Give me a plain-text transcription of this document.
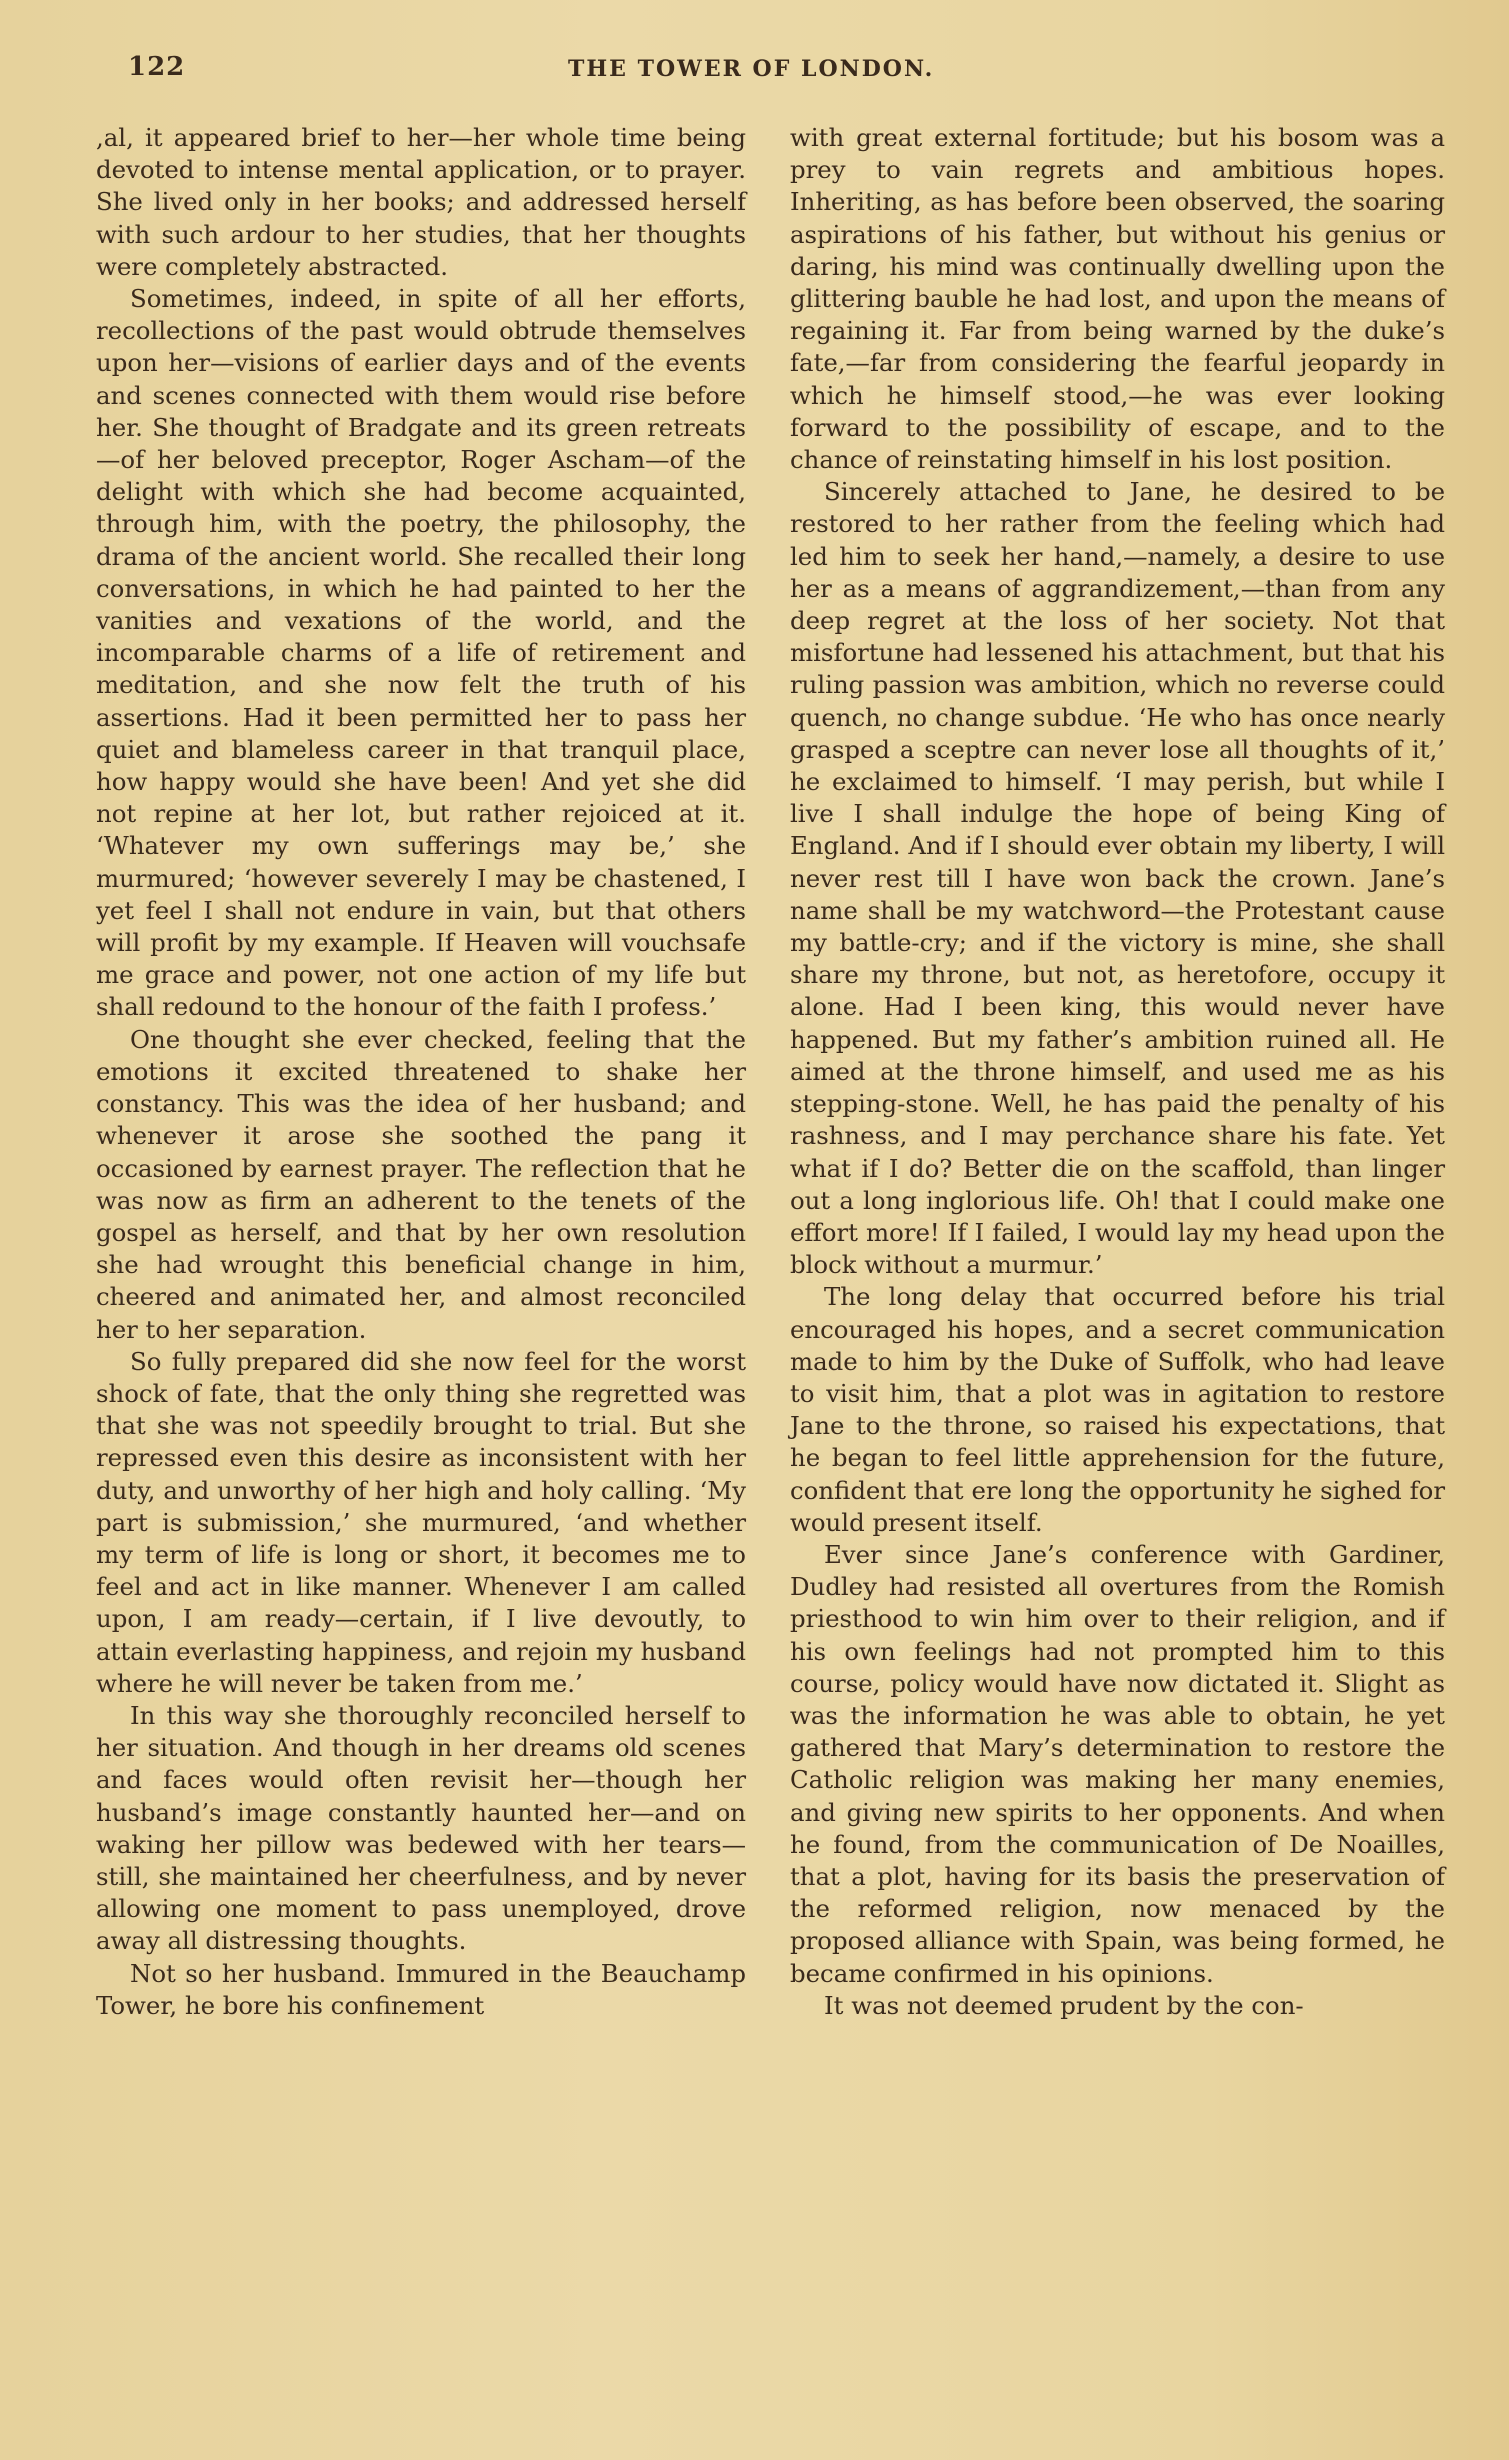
122	THE TOWER OF LONDON.

,al, it appeared brief to her—her whole time being devoted to intense mental application, or to prayer. She lived only in her books; and addressed herself with such ardour to her studies, that her thoughts were completely abstracted.

Sometimes, indeed, in spite of all her efforts, recollections of the past would obtrude themselves upon her—visions of earlier days and of the events and scenes connected with them would rise before her. She thought of Bradgate and its green retreats—of her beloved preceptor, Roger Ascham—of the delight with which she had become acquainted, through him, with the poetry, the philosophy, the drama of the ancient world. She recalled their long conversations, in which he had painted to her the vanities and vexations of the world, and the incomparable charms of a life of retirement and meditation, and she now felt the truth of his assertions. Had it been permitted her to pass her quiet and blameless career in that tranquil place, how happy would she have been! And yet she did not repine at her lot, but rather rejoiced at it. ‘Whatever my own sufferings may be,’ she murmured; ‘however severely I may be chastened, I yet feel I shall not endure in vain, but that others will profit by my example. If Heaven will vouchsafe me grace and power, not one action of my life but shall redound to the honour of the faith I profess.’

One thought she ever checked, feeling that the emotions it excited threatened to shake her constancy. This was the idea of her husband; and whenever it arose she soothed the pang it occasioned by earnest prayer. The reflection that he was now as firm an adherent to the tenets of the gospel as herself, and that by her own resolution she had wrought this beneficial change in him, cheered and animated her, and almost reconciled her to her separation.

So fully prepared did she now feel for the worst shock of fate, that the only thing she regretted was that she was not speedily brought to trial. But she repressed even this desire as inconsistent with her duty, and unworthy of her high and holy calling. ‘My part is submission,’ she murmured, ‘and whether my term of life is long or short, it becomes me to feel and act in like manner. Whenever I am called upon, I am ready—certain, if I live devoutly, to attain everlasting happiness, and rejoin my husband where he will never be taken from me.’

In this way she thoroughly reconciled herself to her situation. And though in her dreams old scenes and faces would often revisit her—though her husband’s image constantly haunted her—and on waking her pillow was bedewed with her tears—still, she maintained her cheerfulness, and by never allowing one moment to pass unemployed, drove away all distressing thoughts.

Not so her husband. Immured in the Beauchamp Tower, he bore his confinement

with great external fortitude; but his bosom was a prey to vain regrets and ambitious hopes. Inheriting, as has before been observed, the soaring aspirations of his father, but without his genius or daring, his mind was continually dwelling upon the glittering bauble he had lost, and upon the means of regaining it. Far from being warned by the duke’s fate,—far from considering the fearful jeopardy in which he himself stood,—he was ever looking forward to the possibility of escape, and to the chance of reinstating himself in his lost position.

Sincerely attached to Jane, he desired to be restored to her rather from the feeling which had led him to seek her hand,—namely, a desire to use her as a means of aggrandizement,—than from any deep regret at the loss of her society. Not that misfortune had lessened his attachment, but that his ruling passion was ambition, which no reverse could quench, no change subdue. ‘He who has once nearly grasped a sceptre can never lose all thoughts of it,’ he exclaimed to himself. ‘I may perish, but while I live I shall indulge the hope of being King of England. And if I should ever obtain my liberty, I will never rest till I have won back the crown. Jane’s name shall be my watchword—the Protestant cause my battle-cry; and if the victory is mine, she shall share my throne, but not, as heretofore, occupy it alone. Had I been king, this would never have happened. But my father’s ambition ruined all. He aimed at the throne himself, and used me as his stepping-stone. Well, he has paid the penalty of his rashness, and I may perchance share his fate. Yet what if I do? Better die on the scaffold, than linger out a long inglorious life. Oh! that I could make one effort more! If I failed, I would lay my head upon the block without a murmur.’

The long delay that occurred before his trial encouraged his hopes, and a secret communication made to him by the Duke of Suffolk, who had leave to visit him, that a plot was in agitation to restore Jane to the throne, so raised his expectations, that he began to feel little apprehension for the future, confident that ere long the opportunity he sighed for would present itself.

Ever since Jane’s conference with Gardiner, Dudley had resisted all overtures from the Romish priesthood to win him over to their religion, and if his own feelings had not prompted him to this course, policy would have now dictated it. Slight as was the information he was able to obtain, he yet gathered that Mary’s determination to restore the Catholic religion was making her many enemies, and giving new spirits to her opponents. And when he found, from the communication of De Noailles, that a plot, having for its basis the preservation of the reformed religion, now menaced by the proposed alliance with Spain, was being formed, he became confirmed in his opinions.

It was not deemed prudent by the con-
